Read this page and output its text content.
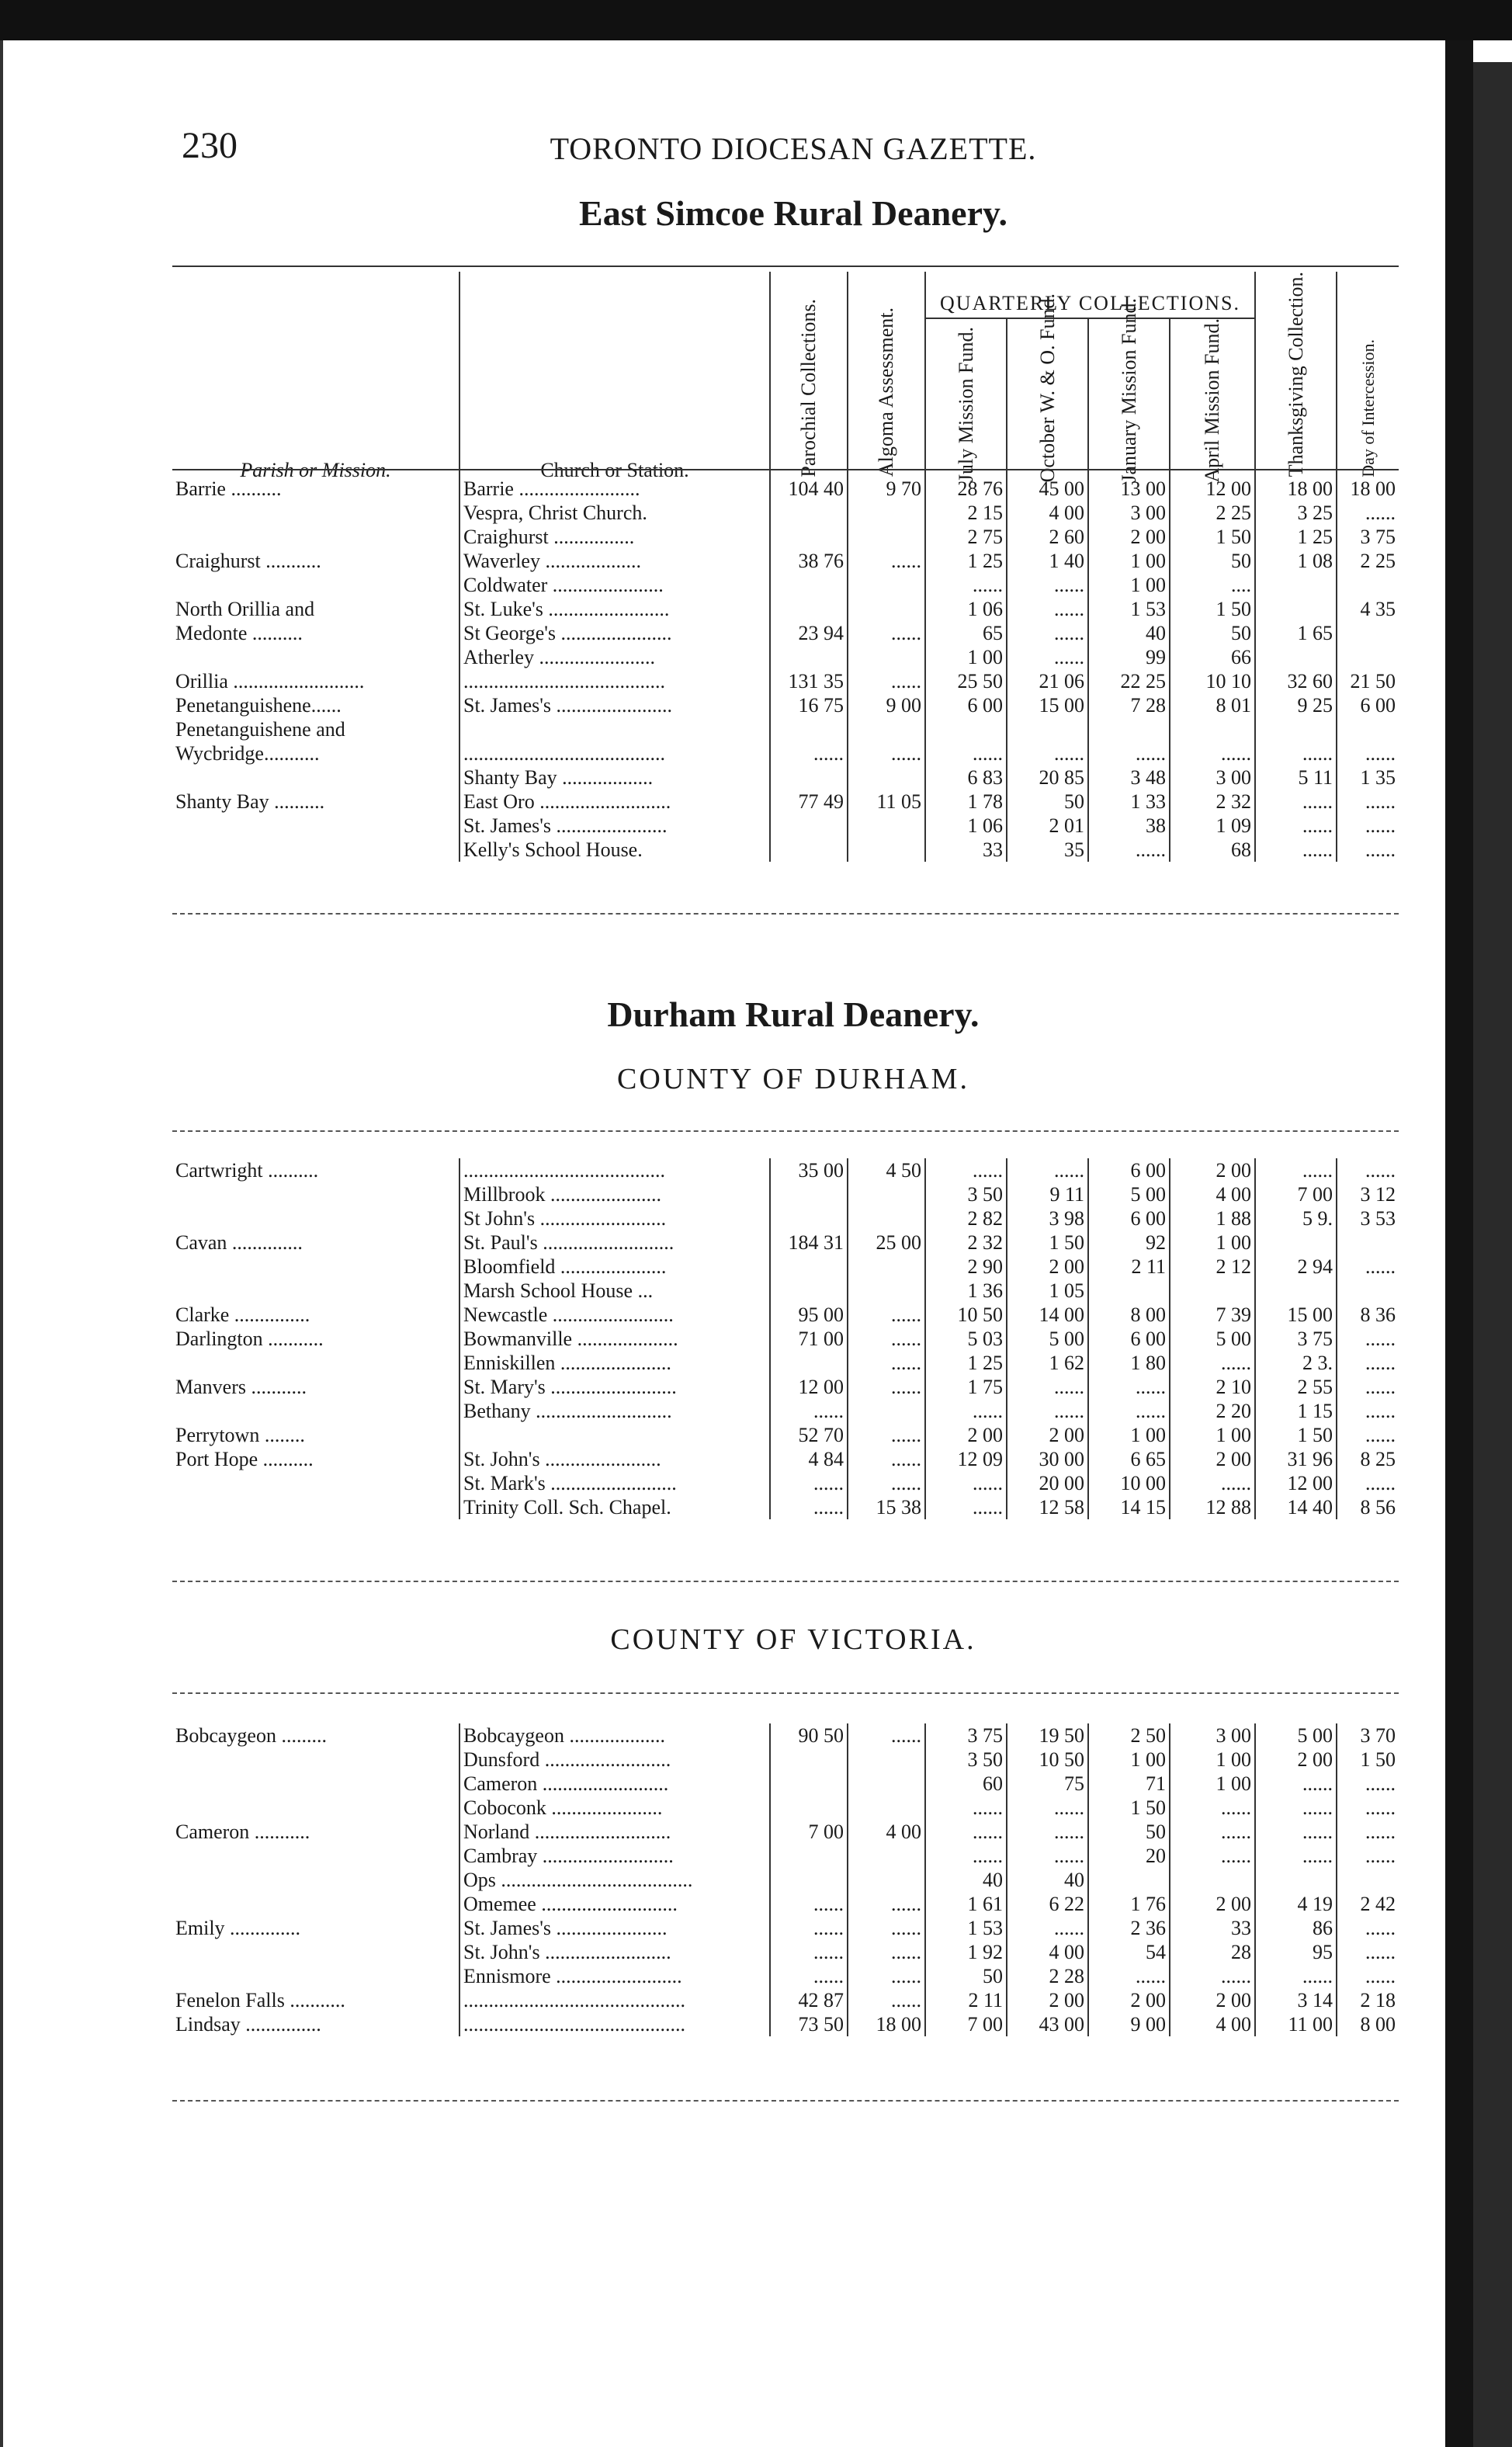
230	TORONTO DIOCESAN GAZETTE.
East Simcoe Rural Deanery.
Parish or Mission.	Church or Station.	Parochial Collections.	Algoma Assessment.	
QUARTERLY COLLECTIONS.
July Mission Fund.	October W. & O. Fund.	January Mission Fund.	April Mission Fund.	Thanksgiving Collection.	Day of Intercession.
Barrie ..........	Barrie ........................	104 40	9 70	28 76	45 00	13 00	12 00	18 00	18 00
	Vespra, Christ Church.			2 15	4 00	3 00	2 25	3 25	......
	Craighurst ................			2 75	2 60	2 00	1 50	1 25	3 75
Craighurst ...........	Waverley ...................	38 76	......	1 25	1 40	1 00	50	1 08	2 25
	Coldwater ......................			......	......	1 00	....		
North Orillia and	St. Luke's ........................			1 06	......	1 53	1 50		4 35
Medonte ..........	St George's ......................	23 94	......	65	......	40	50	1 65	
	Atherley .......................			1 00	......	99	66		
Orillia ..........................	........................................	131 35	......	25 50	21 06	22 25	10 10	32 60	21 50
Penetanguishene......	St. James's .......................	16 75	9 00	6 00	15 00	7 28	8 01	9 25	6 00
Penetanguishene and									
Wycbridge...........	........................................	......	......	......	......	......	......	......	......
	Shanty Bay ..................			6 83	20 85	3 48	3 00	5 11	1 35
Shanty Bay ..........	East Oro ..........................	77 49	11 05	1 78	50	1 33	2 32	......	......
	St. James's ......................			1 06	2 01	38	1 09	......	......
	Kelly's School House.			33	35	......	68	......	......
Durham Rural Deanery.
COUNTY OF DURHAM.
Cartwright ..........	........................................	35 00	4 50	......	......	6 00	2 00	......	......
	Millbrook ......................			3 50	9 11	5 00	4 00	7 00	3 12
	St John's .........................			2 82	3 98	6 00	1 88	5 9.	3 53
Cavan ..............	St. Paul's ..........................	184 31	25 00	2 32	1 50	92	1 00		
	Bloomfield .....................			2 90	2 00	2 11	2 12	2 94	......
	Marsh School House ...			1 36	1 05				
Clarke ...............	Newcastle ........................	95 00	......	10 50	14 00	8 00	7 39	15 00	8 36
Darlington ...........	Bowmanville ....................	71 00	......	5 03	5 00	6 00	5 00	3 75	......
	Enniskillen ......................		......	1 25	1 62	1 80	......	2 3.	......
Manvers ...........	St. Mary's .........................	12 00	......	1 75	......	......	2 10	2 55	......
	Bethany ...........................	......		......	......	......	2 20	1 15	......
Perrytown ........		52 70	......	2 00	2 00	1 00	1 00	1 50	......
Port Hope ..........	St. John's .......................	4 84	......	12 09	30 00	6 65	2 00	31 96	8 25
	St. Mark's .........................	......	......	......	20 00	10 00	......	12 00	......
	Trinity Coll. Sch. Chapel.	......	15 38	......	12 58	14 15	12 88	14 40	8 56
COUNTY OF VICTORIA.
Bobcaygeon .........	Bobcaygeon ...................	90 50	......	3 75	19 50	2 50	3 00	5 00	3 70
	Dunsford .........................			3 50	10 50	1 00	1 00	2 00	1 50
	Cameron .........................			60	75	71	1 00	......	......
	Coboconk ......................			......	......	1 50	......	......	......
Cameron ...........	Norland ...........................	7 00	4 00	......	......	50	......	......	......
	Cambray ..........................			......	......	20	......	......	......
	Ops ......................................			40	40				
	Omemee ...........................	......	......	1 61	6 22	1 76	2 00	4 19	2 42
Emily ..............	St. James's ......................	......	......	1 53	......	2 36	33	86	......
	St. John's .........................	......	......	1 92	4 00	54	28	95	......
	Ennismore .........................	......	......	50	2 28	......	......	......	......
Fenelon Falls ...........	............................................	42 87	......	2 11	2 00	2 00	2 00	3 14	2 18
Lindsay ...............	............................................	73 50	18 00	7 00	43 00	9 00	4 00	11 00	8 00
